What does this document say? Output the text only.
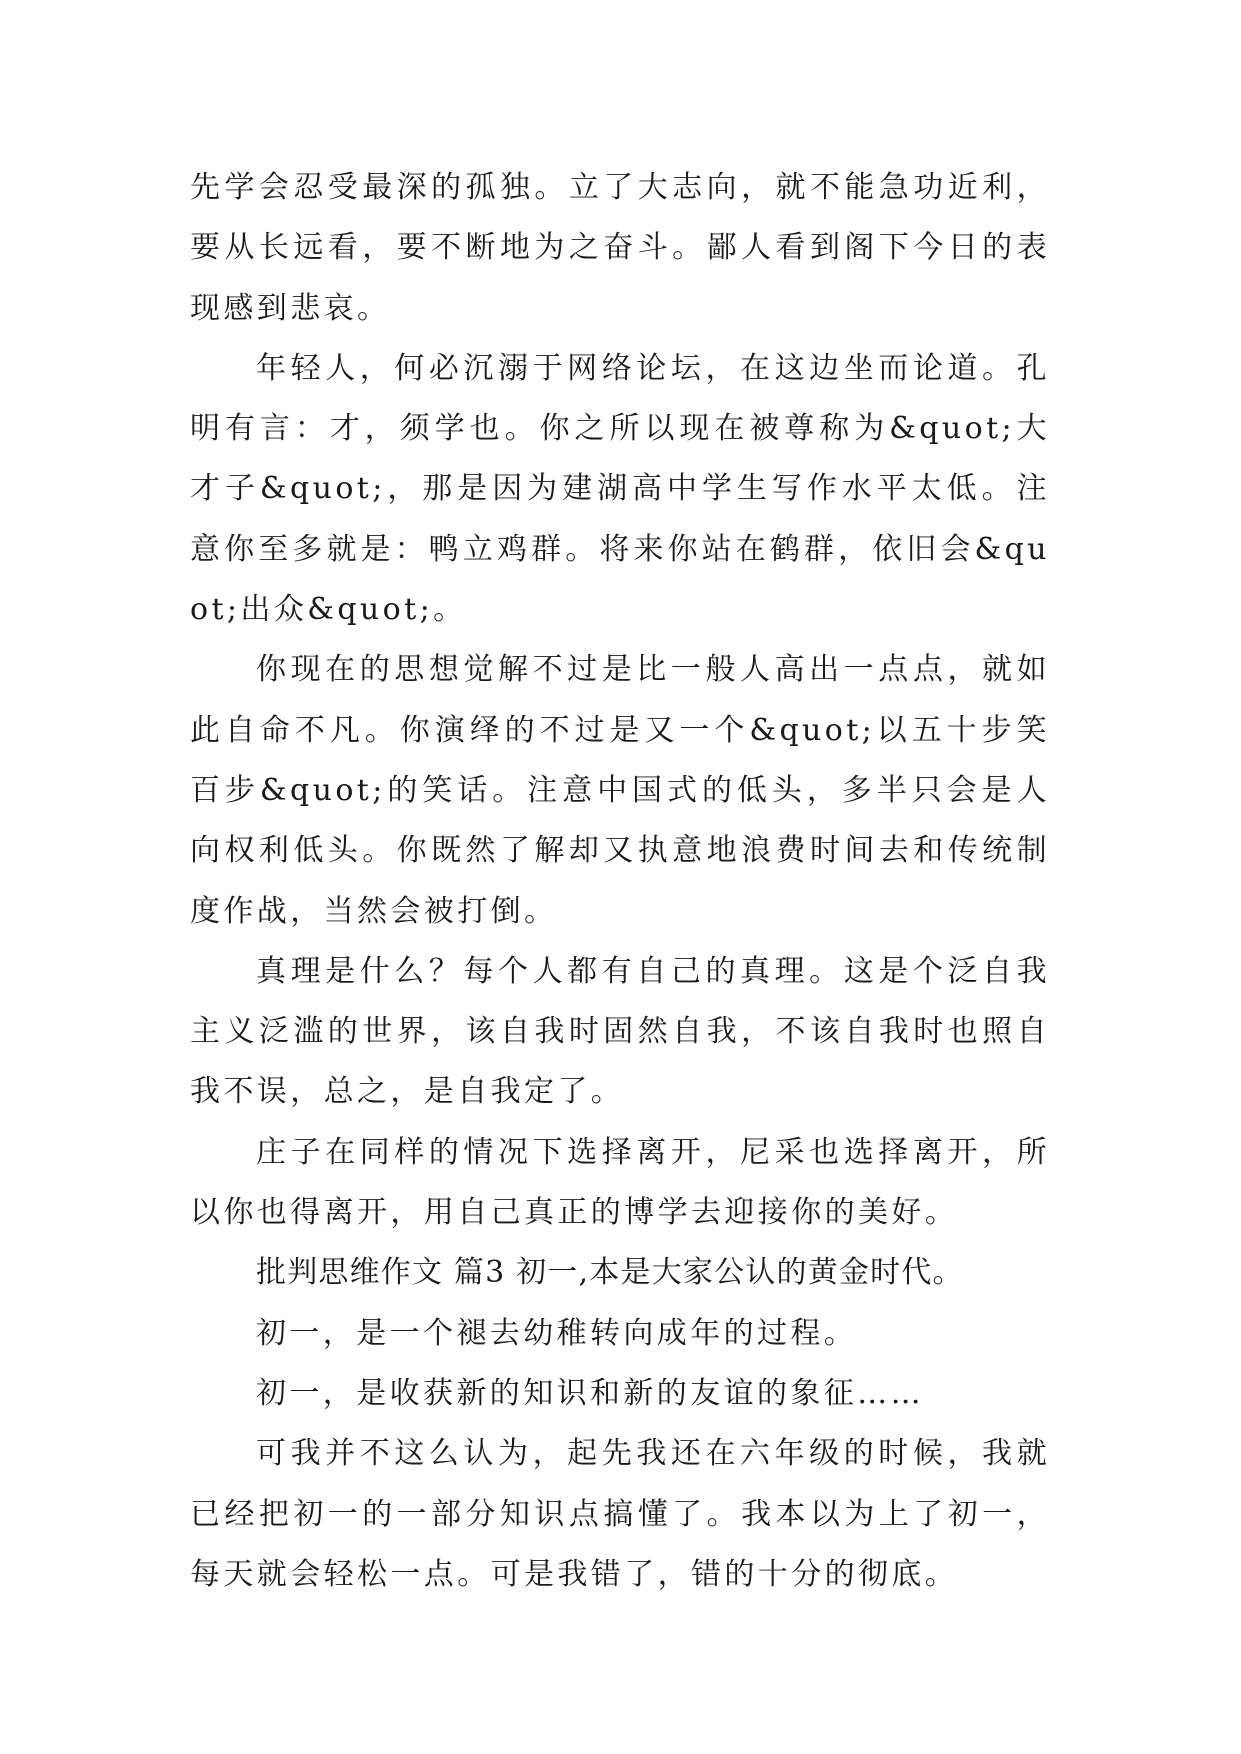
先学会忍受最深的孤独。立了大志向，就不能急功近利，要从长远看，要不断地为之奋斗。鄙人看到阁下今日的表现感到悲哀。

年轻人，何必沉溺于网络论坛，在这边坐而论道。孔明有言：才，须学也。你之所以现在被尊称为&quot;大才子&quot;，那是因为建湖高中学生写作水平太低。注意你至多就是：鸭立鸡群。将来你站在鹤群，依旧会&quot;出众&quot;。

你现在的思想觉解不过是比一般人高出一点点，就如此自命不凡。你演绎的不过是又一个&quot;以五十步笑百步&quot;的笑话。注意中国式的低头，多半只会是人向权利低头。你既然了解却又执意地浪费时间去和传统制度作战，当然会被打倒。

真理是什么？每个人都有自己的真理。这是个泛自我主义泛滥的世界，该自我时固然自我，不该自我时也照自我不误，总之，是自我定了。

庄子在同样的情况下选择离开，尼采也选择离开，所以你也得离开，用自己真正的博学去迎接你的美好。

批判思维作文 篇3 初一,本是大家公认的黄金时代。

初一，是一个褪去幼稚转向成年的过程。

初一，是收获新的知识和新的友谊的象征……

可我并不这么认为，起先我还在六年级的时候，我就已经把初一的一部分知识点搞懂了。我本以为上了初一，每天就会轻松一点。可是我错了，错的十分的彻底。
